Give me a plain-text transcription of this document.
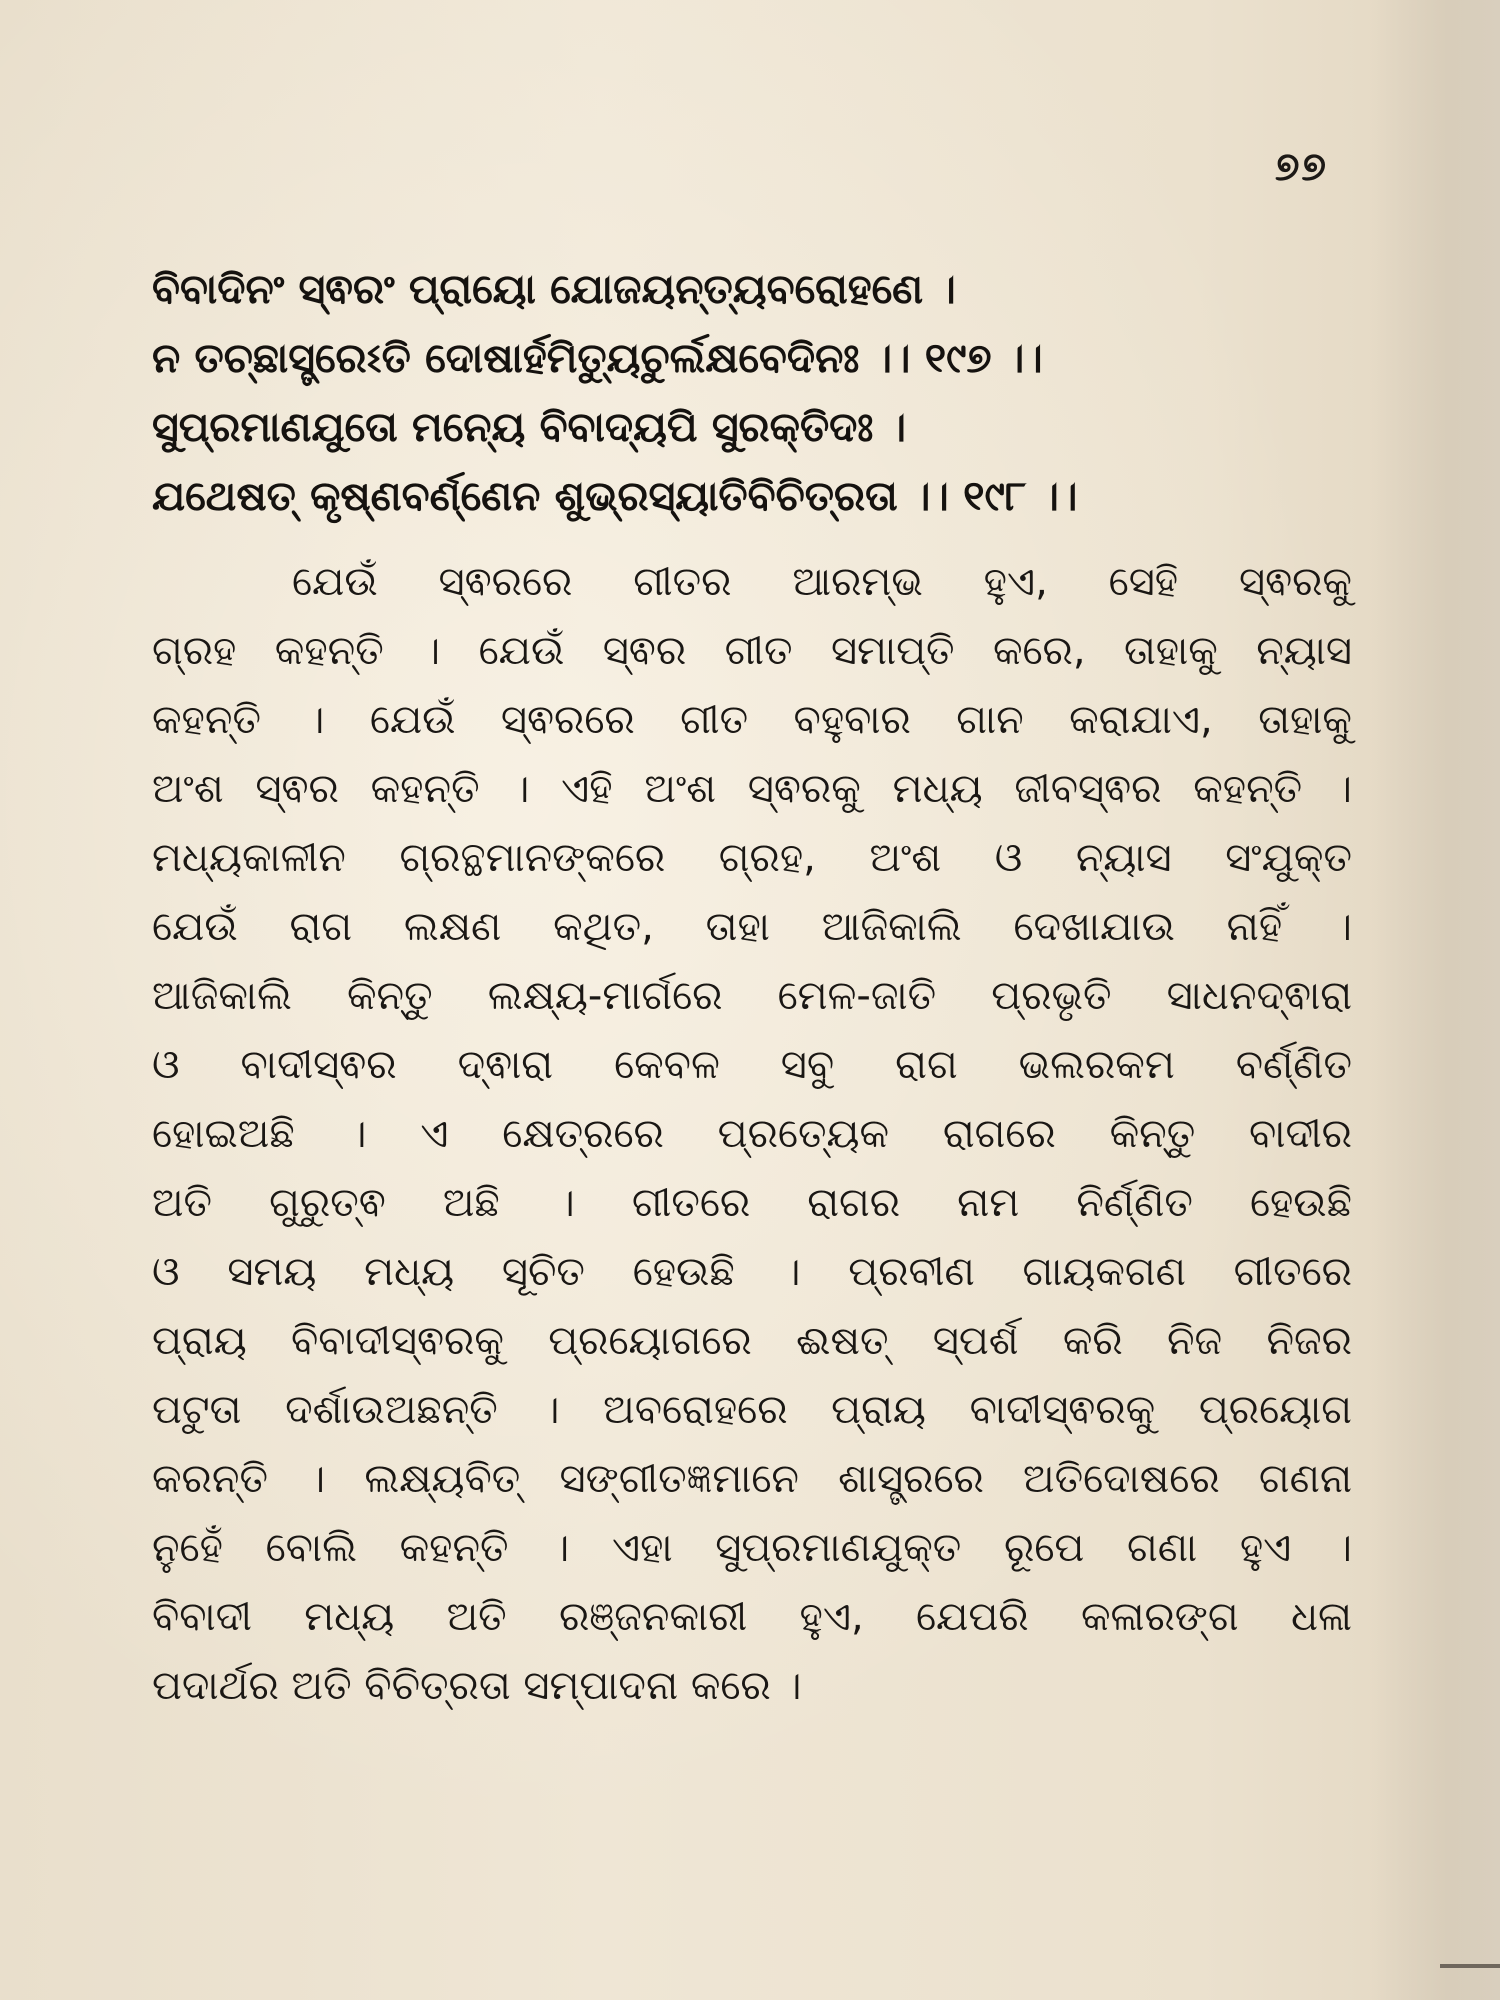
୭୭
ବିବାଦିନଂ ସ୍ଵରଂ ପ୍ରାୟୋ ଯୋଜୟନ୍ତ୍ୟବରୋହଣେ ।
ନ ତଚ୍ଛାସ୍ତ୍ରେଽତି ଦୋଷାର୍ହମିତ୍ୟୁଚୁର୍ଲକ୍ଷବେଦିନଃ ।। ୧୯୭ ।।
ସୁପ୍ରମାଣଯୁତୋ ମନ୍ୟେ ବିବାଦ୍ୟପି ସୁରକ୍ତିଦଃ ।
ଯଥେଷତ୍ କୃଷ୍ଣବର୍ଣ୍ଣେନ ଶୁଭ୍ରସ୍ୟାତିବିଚିତ୍ରତା ।। ୧୯୮ ।।
ଯେଉଁ ସ୍ଵରରେ ଗୀତର ଆରମ୍ଭ ହୁଏ, ସେହି ସ୍ଵରକୁ
ଗ୍ରହ କହନ୍ତି । ଯେଉଁ ସ୍ଵର ଗୀତ ସମାପ୍ତି କରେ, ତାହାକୁ ନ୍ୟାସ
କହନ୍ତି । ଯେଉଁ ସ୍ଵରରେ ଗୀତ ବହୁବାର ଗାନ କରାଯାଏ, ତାହାକୁ
ଅଂଶ ସ୍ଵର କହନ୍ତି । ଏହି ଅଂଶ ସ୍ଵରକୁ ମଧ୍ୟ ଜୀବସ୍ଵର କହନ୍ତି ।
ମଧ୍ୟକାଳୀନ ଗ୍ରନ୍ଥମାନଙ୍କରେ ଗ୍ରହ, ଅଂଶ ଓ ନ୍ୟାସ ସଂଯୁକ୍ତ
ଯେଉଁ ରାଗ ଲକ୍ଷଣ କଥିତ, ତାହା ଆଜିକାଲି ଦେଖାଯାଉ ନାହିଁ ।
ଆଜିକାଲି କିନ୍ତୁ ଲକ୍ଷ୍ୟ-ମାର୍ଗରେ ମେଳ-ଜାତି ପ୍ରଭୃତି ସାଧନଦ୍ଵାରା
ଓ ବାଦୀସ୍ଵର ଦ୍ଵାରା କେବଳ ସବୁ ରାଗ ଭଲରକମ ବର୍ଣ୍ଣିତ
ହୋଇଅଛି । ଏ କ୍ଷେତ୍ରରେ ପ୍ରତ୍ୟେକ ରାଗରେ କିନ୍ତୁ ବାଦୀର
ଅତି ଗୁରୁତ୍ଵ ଅଛି । ଗୀତରେ ରାଗର ନାମ ନିର୍ଣ୍ଣିତ ହେଉଛି
ଓ ସମୟ ମଧ୍ୟ ସୂଚିତ ହେଉଛି । ପ୍ରବୀଣ ଗାୟକଗଣ ଗୀତରେ
ପ୍ରାୟ ବିବାଦୀସ୍ଵରକୁ ପ୍ରୟୋଗରେ ଈଷତ୍ ସ୍ପର୍ଶ କରି ନିଜ ନିଜର
ପଟୁତା ଦର୍ଶାଉଅଛନ୍ତି । ଅବରୋହରେ ପ୍ରାୟ ବାଦୀସ୍ଵରକୁ ପ୍ରୟୋଗ
କରନ୍ତି । ଲକ୍ଷ୍ୟବିତ୍ ସଙ୍ଗୀତଜ୍ଞମାନେ ଶାସ୍ତ୍ରରେ ଅତିଦୋଷରେ ଗଣନା
ନୁହେଁ ବୋଲି କହନ୍ତି । ଏହା ସୁପ୍ରମାଣଯୁକ୍ତ ରୂପେ ଗଣା ହୁଏ ।
ବିବାଦୀ ମଧ୍ୟ ଅତି ରଞ୍ଜନକାରୀ ହୁଏ, ଯେପରି କଳାରଙ୍ଗ ଧଳା
ପଦାର୍ଥର ଅତି ବିଚିତ୍ରତା ସମ୍ପାଦନା କରେ ।
